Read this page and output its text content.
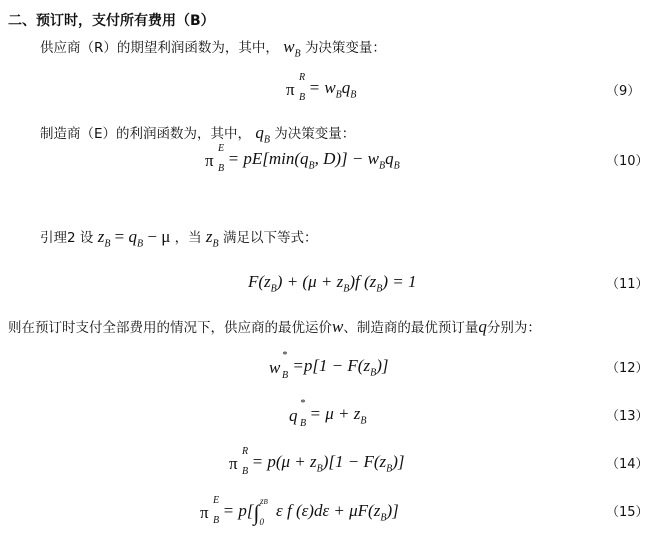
二、预订时，支付所有费用（B）
供应商（R）的期望利润函数为，其中， $w_B$ 为决策变量：
π
R
B
= $w_Bq_B$	（9）
制造商（E）的利润函数为，其中， $q_B$ 为决策变量：
π
E
B
= $pE[\min(q_B$, $D)] - w_Bq_B$	（10）
引理2 设 $z_B = q_B - \mu$ ，当 $z_B$ 满足以下等式：
$F(z_B) + (\mu + z_B)f$ $(z_B) = 1$	（11）
则在预订时支付全部费用的情况下，供应商的最优运价w、制造商的最优预订量q分别为：
w
*
B
$=p[1 - F(z_B)]$	（12）
q
*
B
= $\mu + z_B$	（13）
π
R
B
= $p(\mu + z_B)[1 - F(z_B)]$	（14）
π
E
B
= $p[\int_0^{zB}$ ε f $(\varepsilon)d\varepsilon + \mu F(z_B)$]	（15）
